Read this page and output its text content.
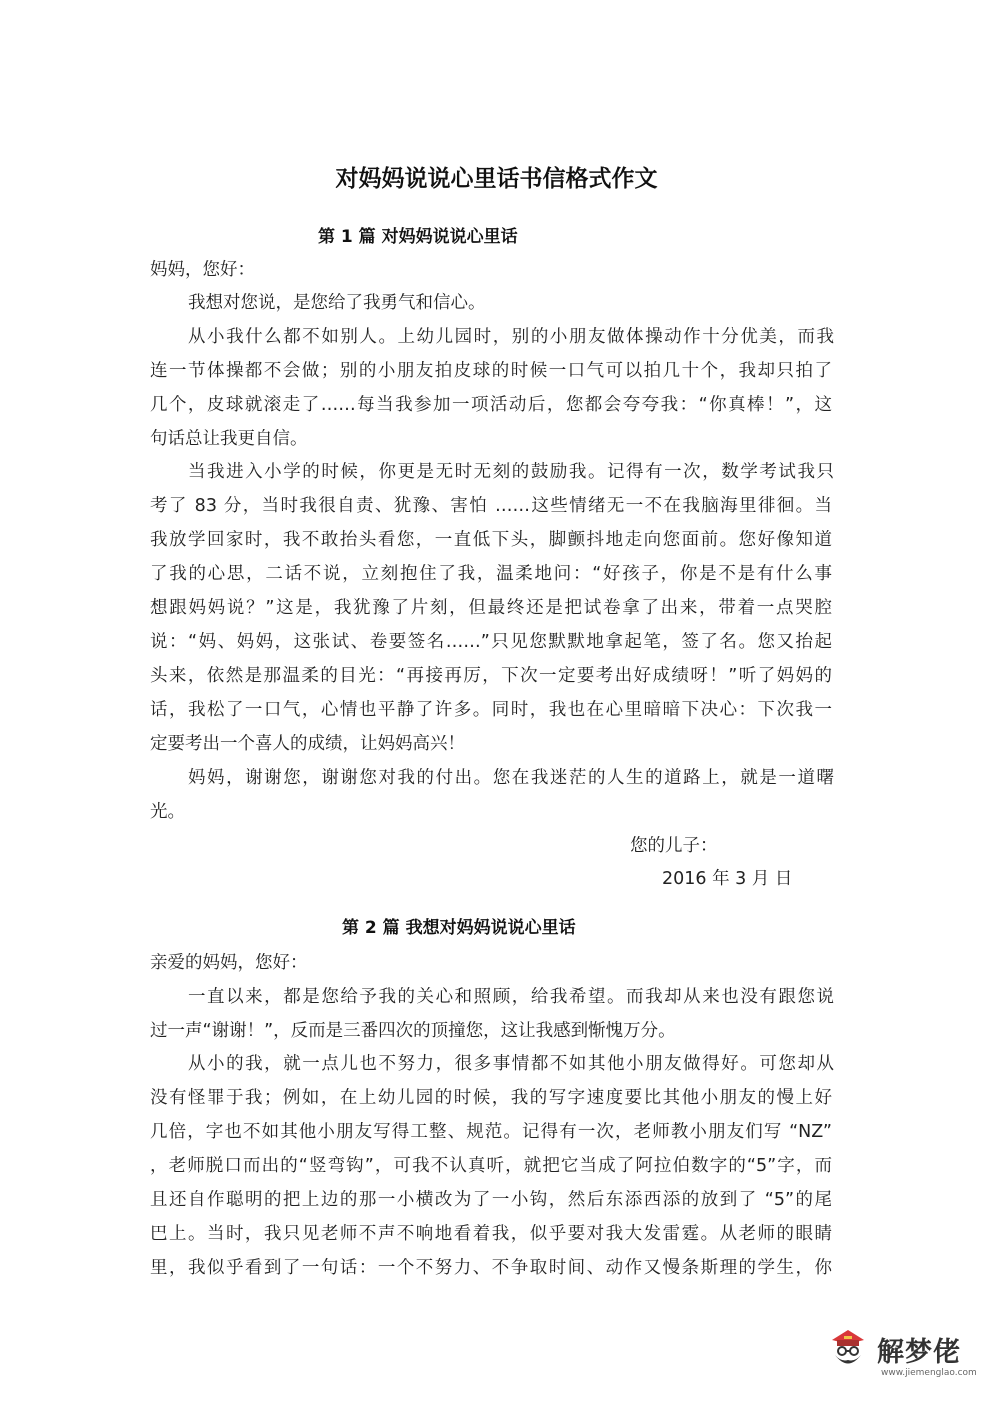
对妈妈说说心里话书信格式作文
第 1 篇 对妈妈说说心里话
妈妈，您好：
我想对您说，是您给了我勇气和信心。
从小我什么都不如别人。上幼儿园时，别的小朋友做体操动作十分优美，而我
连一节体操都不会做；别的小朋友拍皮球的时候一口气可以拍几十个，我却只拍了
几个，皮球就滚走了……每当我参加一项活动后，您都会夸夸我：“你真棒！”，这
句话总让我更自信。
当我进入小学的时候，你更是无时无刻的鼓励我。记得有一次，数学考试我只
考了 83 分，当时我很自责、犹豫、害怕 ……这些情绪无一不在我脑海里徘徊。当
我放学回家时，我不敢抬头看您，一直低下头，脚颤抖地走向您面前。您好像知道
了我的心思，二话不说，立刻抱住了我，温柔地问：“好孩子，你是不是有什么事
想跟妈妈说？”这是，我犹豫了片刻，但最终还是把试卷拿了出来，带着一点哭腔
说：“妈、妈妈，这张试、卷要签名……”只见您默默地拿起笔，签了名。您又抬起
头来，依然是那温柔的目光：“再接再厉，下次一定要考出好成绩呀！”听了妈妈的
话，我松了一口气，心情也平静了许多。同时，我也在心里暗暗下决心：下次我一
定要考出一个喜人的成绩，让妈妈高兴！
妈妈，谢谢您，谢谢您对我的付出。您在我迷茫的人生的道路上，就是一道曙
光。
您的儿子：
2016 年 3 月 日
第 2 篇 我想对妈妈说说心里话
亲爱的妈妈，您好：
一直以来，都是您给予我的关心和照顾，给我希望。而我却从来也没有跟您说
过一声“谢谢！”，反而是三番四次的顶撞您，这让我感到惭愧万分。
从小的我，就一点儿也不努力，很多事情都不如其他小朋友做得好。可您却从
没有怪罪于我；例如，在上幼儿园的时候，我的写字速度要比其他小朋友的慢上好
几倍，字也不如其他小朋友写得工整、规范。记得有一次，老师教小朋友们写 “NZ”
，老师脱口而出的“竖弯钩”，可我不认真听，就把它当成了阿拉伯数字的“5”字，而
且还自作聪明的把上边的那一小横改为了一小钩，然后东添西添的放到了 “5”的尾
巴上。当时，我只见老师不声不响地看着我，似乎要对我大发雷霆。从老师的眼睛
里，我似乎看到了一句话：一个不努力、不争取时间、动作又慢条斯理的学生，你
解梦佬
www.jiemenglao.com
